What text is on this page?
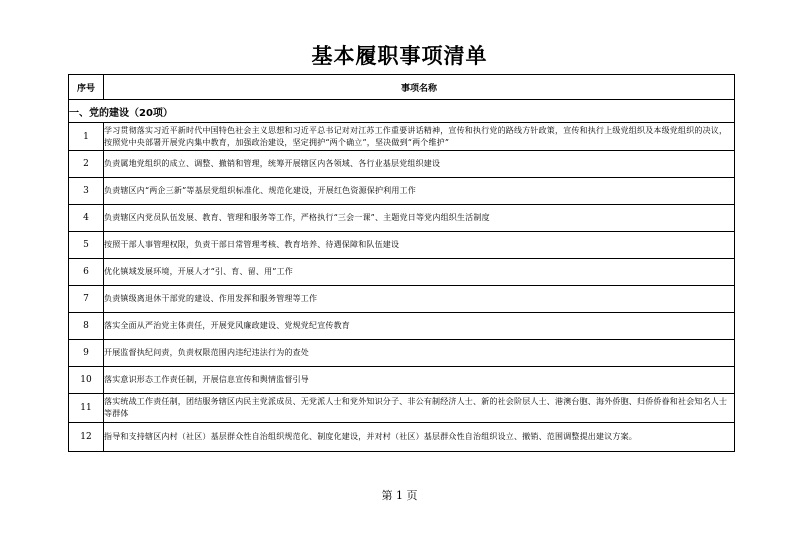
基本履职事项清单
序号	事项名称
一、党的建设（20项）	
1	学习贯彻落实习近平新时代中国特色社会主义思想和习近平总书记对对江苏工作重要讲话精神，宣传和执行党的路线方针政策，宣传和执行上级党组织及本级党组织的决议，按照党中央部署开展党内集中教育，加强政治建设，坚定拥护“两个确立”，坚决做到“两个维护”
2	负责属地党组织的成立、调整、撤销和管理，统筹开展辖区内各领域、各行业基层党组织建设
3	负责辖区内“两企三新”等基层党组织标准化、规范化建设，开展红色资源保护利用工作
4	负责辖区内党员队伍发展、教育、管理和服务等工作，严格执行“三会一课”、主题党日等党内组织生活制度
5	按照干部人事管理权限，负责干部日常管理考核、教育培养、待遇保障和队伍建设
6	优化镇域发展环境，开展人才“引、育、留、用”工作
7	负责镇级离退休干部党的建设、作用发挥和服务管理等工作
8	落实全面从严治党主体责任，开展党风廉政建设、党规党纪宣传教育
9	开展监督执纪问责，负责权限范围内违纪违法行为的查处
10	落实意识形态工作责任制，开展信息宣传和舆情监督引导
11	落实统战工作责任制，团结服务辖区内民主党派成员、无党派人士和党外知识分子、非公有制经济人士、新的社会阶层人士、港澳台胞、海外侨胞、归侨侨眷和社会知名人士等群体
12	指导和支持辖区内村（社区）基层群众性自治组织规范化、制度化建设，并对村（社区）基层群众性自治组织设立、撤销、范围调整提出建议方案。
第 1 页
